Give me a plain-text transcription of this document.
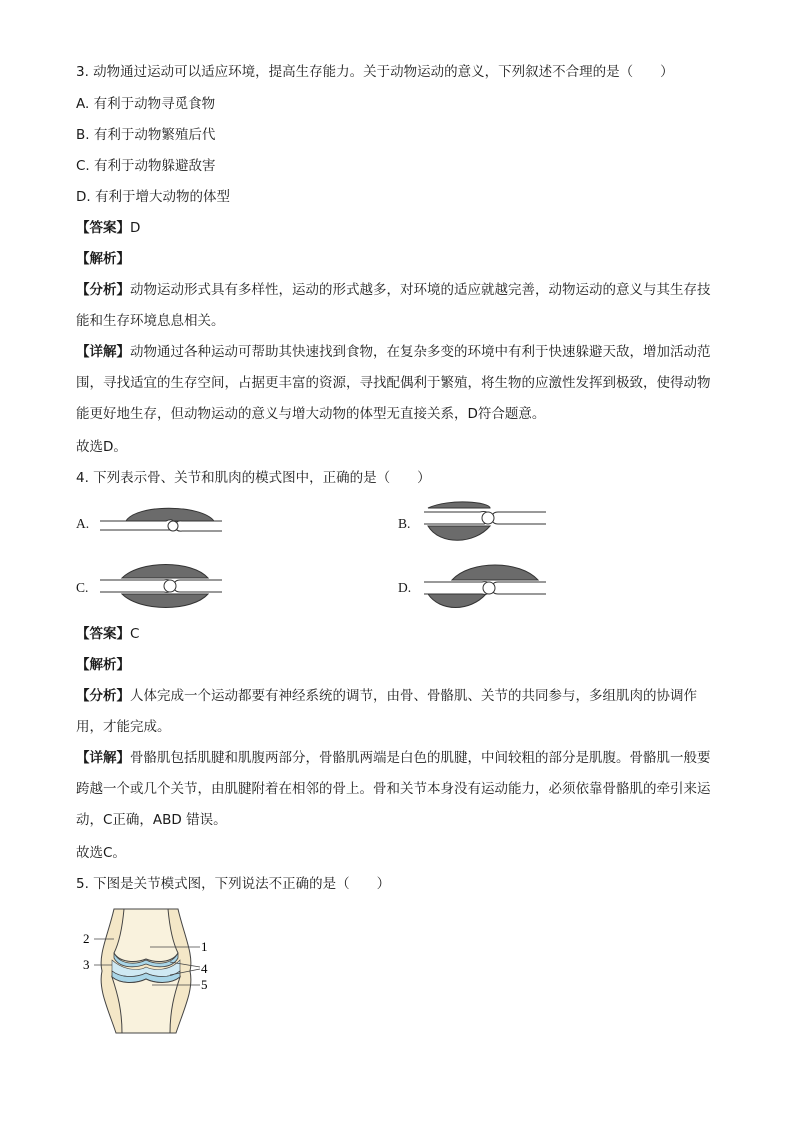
3. 动物通过运动可以适应环境，提高生存能力。关于动物运动的意义，下列叙述不合理的是（　　）
A. 有利于动物寻觅食物
B. 有利于动物繁殖后代
C. 有利于动物躲避敌害
D. 有利于增大动物的体型
【答案】D
【解析】
【分析】动物运动形式具有多样性，运动的形式越多，对环境的适应就越完善，动物运动的意义与其生存技能和生存环境息息相关。
【详解】动物通过各种运动可帮助其快速找到食物，在复杂多变的环境中有利于快速躲避天敌，增加活动范围，寻找适宜的生存空间，占据更丰富的资源，寻找配偶利于繁殖，将生物的应激性发挥到极致，使得动物能更好地生存，但动物运动的意义与增大动物的体型无直接关系，D符合题意。
故选D。
4. 下列表示骨、关节和肌肉的模式图中，正确的是（　　）
A.	B.
C.	D.
【答案】C
【解析】
【分析】人体完成一个运动都要有神经系统的调节，由骨、骨骼肌、关节的共同参与，多组肌肉的协调作用，才能完成。
【详解】骨骼肌包括肌腱和肌腹两部分，骨骼肌两端是白色的肌腱，中间较粗的部分是肌腹。骨骼肌一般要跨越一个或几个关节，由肌腱附着在相邻的骨上。骨和关节本身没有运动能力，必须依靠骨骼肌的牵引来运动，C正确，ABD 错误。
故选C。
5. 下图是关节模式图，下列说法不正确的是（　　）
1
2
3	4
5
